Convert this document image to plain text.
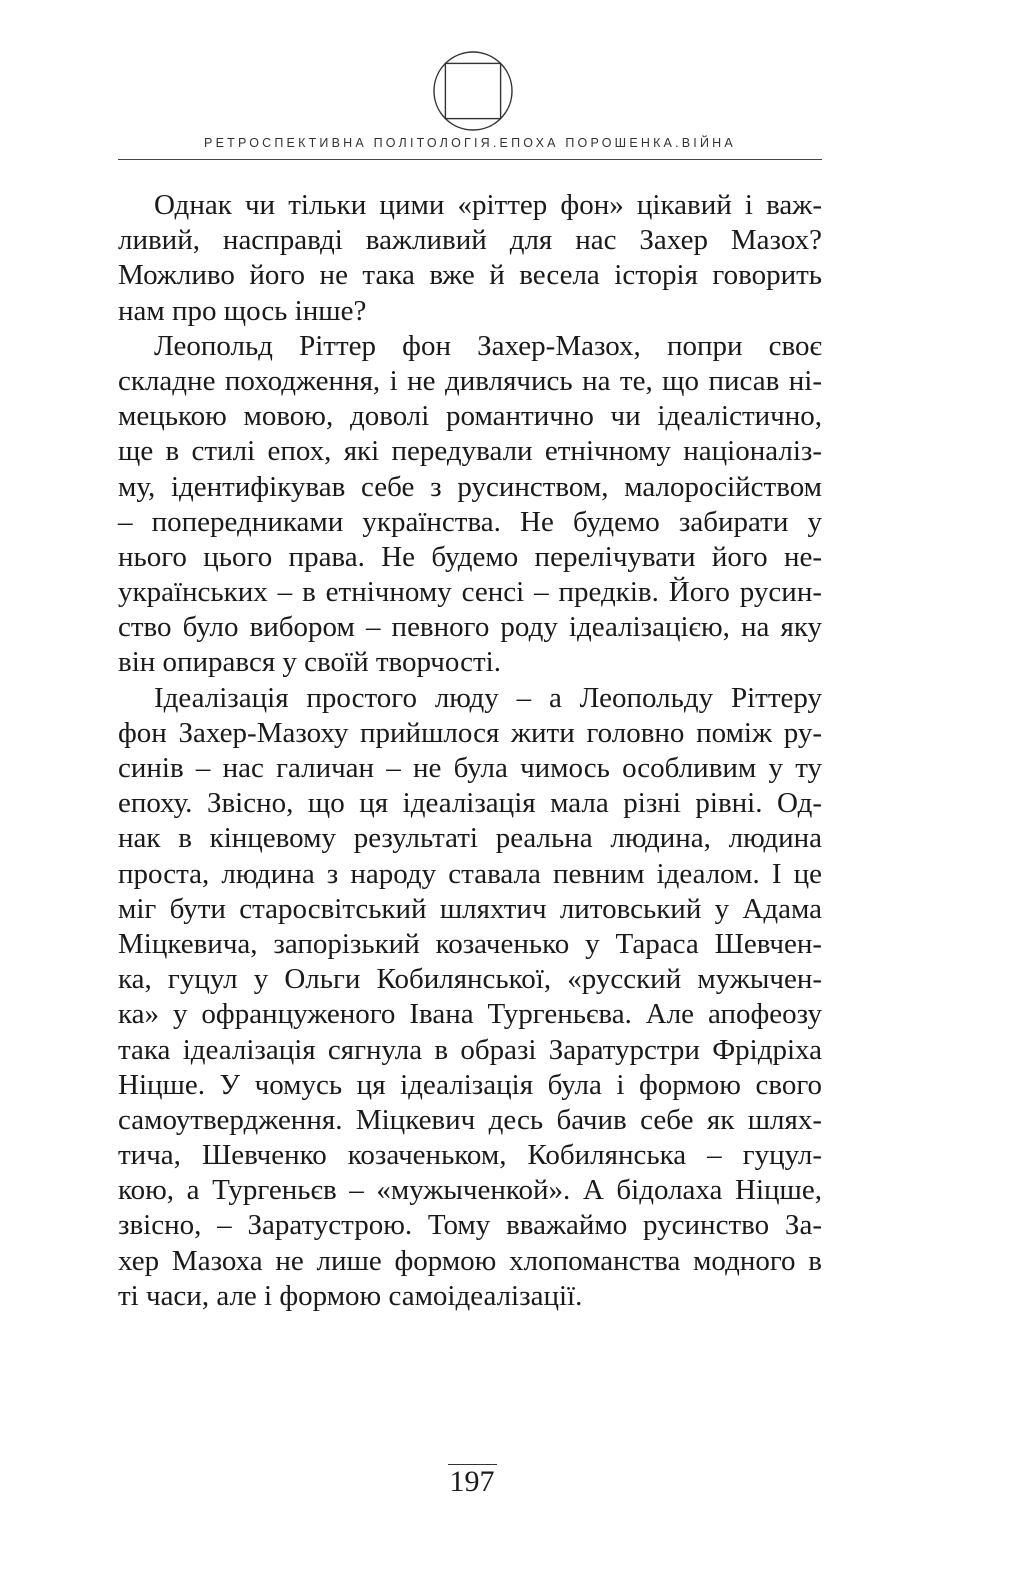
РЕТРОСПЕКТИВНА ПОЛІТОЛОГІЯ.ЕПОХА ПОРОШЕНКА.ВІЙНА
Однак чи тільки цими «ріттер фон» цікавий і важ-
ливий, насправді важливий для нас Захер Мазох?
Можливо його не така вже й весела історія говорить
нам про щось інше?
Леопольд Ріттер фон Захер-Мазох, попри своє
складне походження, і не дивлячись на те, що писав ні-
мецькою мовою, доволі романтично чи ідеалістично,
ще в стилі епох, які передували етнічному націоналіз-
му, ідентифікував себе з русинством, малоросійством
– попередниками українства. Не будемо забирати у
нього цього права. Не будемо перелічувати його не-
українських – в етнічному сенсі – предків. Його русин-
ство було вибором – певного роду ідеалізацією, на яку
він опирався у своїй творчості.
Ідеалізація простого люду – а Леопольду Ріттеру
фон Захер-Мазоху прийшлося жити головно поміж ру-
синів – нас галичан – не була чимось особливим у ту
епоху. Звісно, що ця ідеалізація мала різні рівні. Од-
нак в кінцевому результаті реальна людина, людина
проста, людина з народу ставала певним ідеалом. І це
міг бути старосвітський шляхтич литовський у Адама
Міцкевича, запорізький козаченько у Тараса Шевчен-
ка, гуцул у Ольги Кобилянської, «русский мужычен-
ка» у офранцуженого Івана Тургеньєва. Але апофеозу
така ідеалізація сягнула в образі Заратурстри Фрідріха
Ніцше. У чомусь ця ідеалізація була і формою свого
самоутвердження. Міцкевич десь бачив себе як шлях-
тича, Шевченко козаченьком, Кобилянська – гуцул-
кою, а Тургеньєв – «мужыченкой». А бідолаха Ніцше,
звісно, – Заратустрою. Тому вважаймо русинство За-
хер Мазоха не лише формою хлопоманства модного в
ті часи, але і формою самоідеалізації.
197
